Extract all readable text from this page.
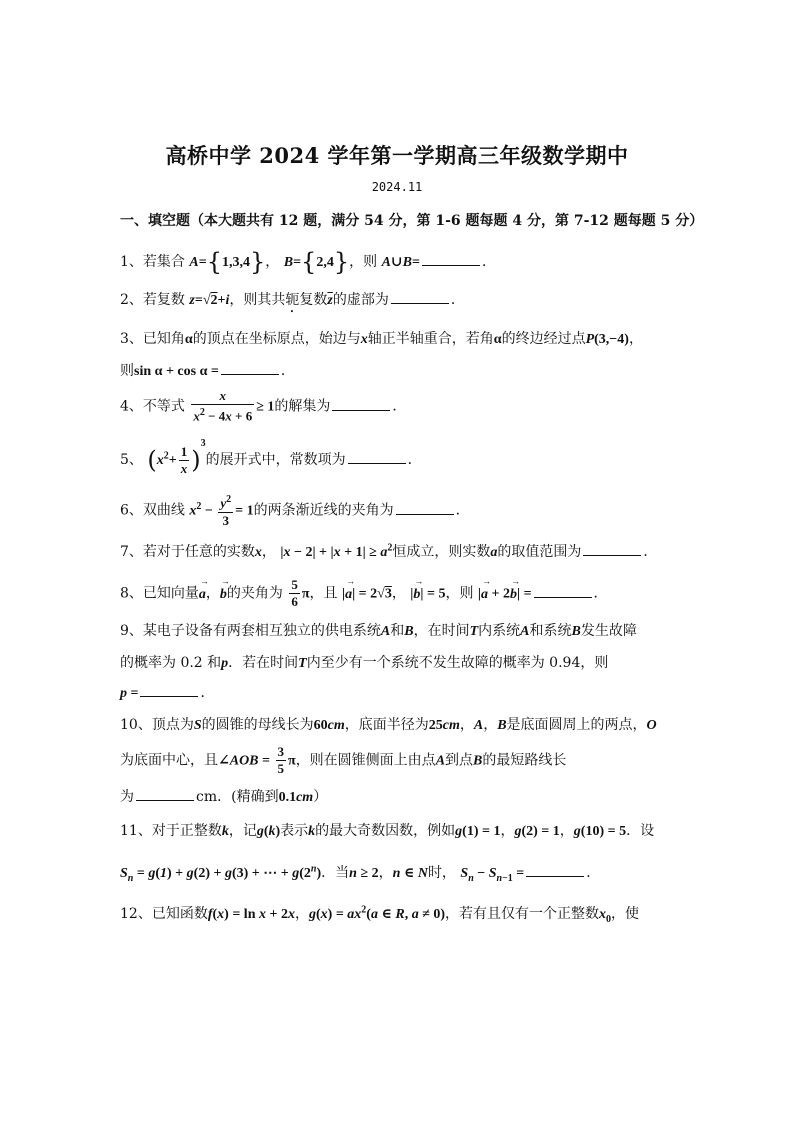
高桥中学 2024 学年第一学期高三年级数学期中
2024.11
一、填空题（本大题共有 12 题，满分 54 分，第 1-6 题每题 4 分，第 7-12 题每题 5 分）
1、若集合 A={1,3,4}， B={2,4}，则 A∪B=	．
2、若复数 z=√2+i，则其共轭复数$\overline{z}$的虚部为	．
3、已知角α的顶点在坐标原点，始边与x轴正半轴重合，若角α的终边经过点P(3,−4)，
则sin α + cos α =	．
4、不等式 $\frac{x}{x^2 - 4x + 6} \ge 1$的解集为	．
5、 $(x^2+ \frac{1}{x} )^3$的展开式中，常数项为	．
6、双曲线 $x^2 - \frac{y^2}{3} = 1$的两条渐近线的夹角为	．
7、若对于任意的实数x， $|x - 2| + |x + 1| \ge a^2$恒成立，则实数a的取值范围为	．
8、已知向量→ a，→ b的夹角为 $\frac{5}{6}$ π，且 |→ a| = 2√3， |→ b| = 5，则 |→ a + 2→ b| =	．
9、某电子设备有两套相互独立的供电系统A和B，在时间T内系统A和系统B发生故障
的概率为 0.2 和p．若在时间T内至少有一个系统不发生故障的概率为 0.94，则
p =	．
10、顶点为S的圆锥的母线长为60cm，底面半径为25cm，A，B是底面圆周上的两点，O
为底面中心，且∠AOB = $\frac{3}{5}$ π，则在圆锥侧面上由点A到点B的最短路线长
为	cm．(精确到0.1cm）
11、对于正整数k，记g(k)表示k的最大奇数因数，例如g(1) = 1，g(2) = 1，g(10) = 5．设
$S_n = g(1) + g(2) + g(3)$ + ⋯ + $g(2^n)$．当n ≥ 2，n ∈ N时， $S_n - S_{n-1}$ =	．
12、已知函数f(x) = ln x + 2x，$g(x) = ax^2(a$ ∈ R, a ≠ 0)，若有且仅有一个正整数$x_0$，使
